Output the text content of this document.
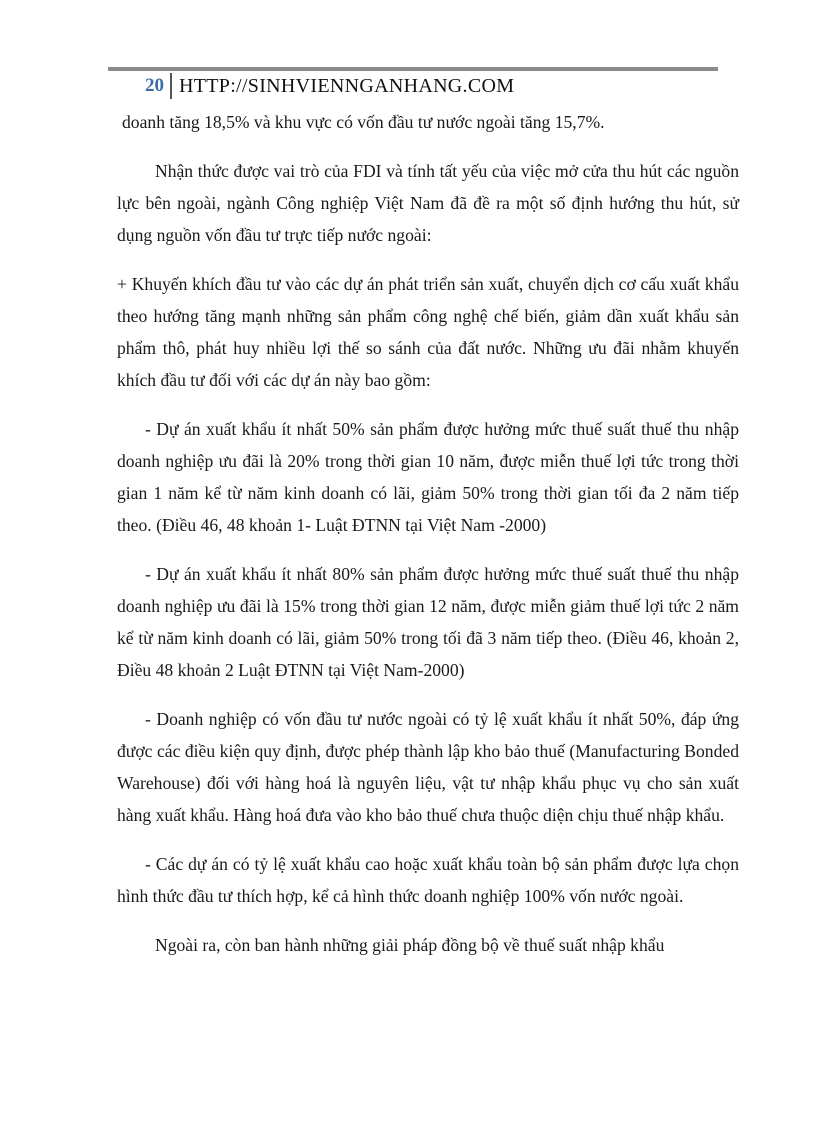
20 HTTP://SINHVIENNGANHANG.COM

doanh tăng 18,5% và khu vực có vốn đầu tư nước ngoài tăng 15,7%.

Nhận thức được vai trò của FDI và tính tất yếu của việc mở cửa thu hút các nguồn lực bên ngoài, ngành Công nghiệp Việt Nam đã đề ra một số định hướng thu hút, sử dụng nguồn vốn đầu tư trực tiếp nước ngoài:

+ Khuyến khích đầu tư vào các dự án phát triển sản xuất, chuyển dịch cơ cấu xuất khẩu theo hướng tăng mạnh những sản phẩm công nghệ chế biến, giảm dần xuất khẩu sản phẩm thô, phát huy nhiều lợi thế so sánh của đất nước. Những ưu đãi nhằm khuyến khích đầu tư đối với các dự án này bao gồm:

- Dự án xuất khẩu ít nhất 50% sản phẩm được hưởng mức thuế suất thuế thu nhập doanh nghiệp ưu đãi là 20% trong thời gian 10 năm, được miễn thuế lợi tức trong thời gian 1 năm kể từ năm kinh doanh có lãi, giảm 50% trong thời gian tối đa 2 năm tiếp theo. (Điều 46, 48 khoản 1- Luật ĐTNN tại Việt Nam -2000)

- Dự án xuất khẩu ít nhất 80% sản phẩm được hưởng mức thuế suất thuế thu nhập doanh nghiệp ưu đãi là 15% trong thời gian 12 năm, được miễn giảm thuế lợi tức 2 năm kể từ năm kinh doanh có lãi, giảm 50% trong tối đã 3 năm tiếp theo. (Điều 46, khoản 2, Điều 48 khoản 2 Luật ĐTNN tại Việt Nam-2000)

- Doanh nghiệp có vốn đầu tư nước ngoài có tỷ lệ xuất khẩu ít nhất 50%, đáp ứng được các điều kiện quy định, được phép thành lập kho bảo thuế (Manufacturing Bonded Warehouse) đối với hàng hoá là nguyên liệu, vật tư nhập khẩu phục vụ cho sản xuất hàng xuất khẩu. Hàng hoá đưa vào kho bảo thuế chưa thuộc diện chịu thuế nhập khẩu.

- Các dự án có tỷ lệ xuất khẩu cao hoặc xuất khẩu toàn bộ sản phẩm được lựa chọn hình thức đầu tư thích hợp, kể cả hình thức doanh nghiệp 100% vốn nước ngoài.

Ngoài ra, còn ban hành những giải pháp đồng bộ về thuế suất nhập khẩu
